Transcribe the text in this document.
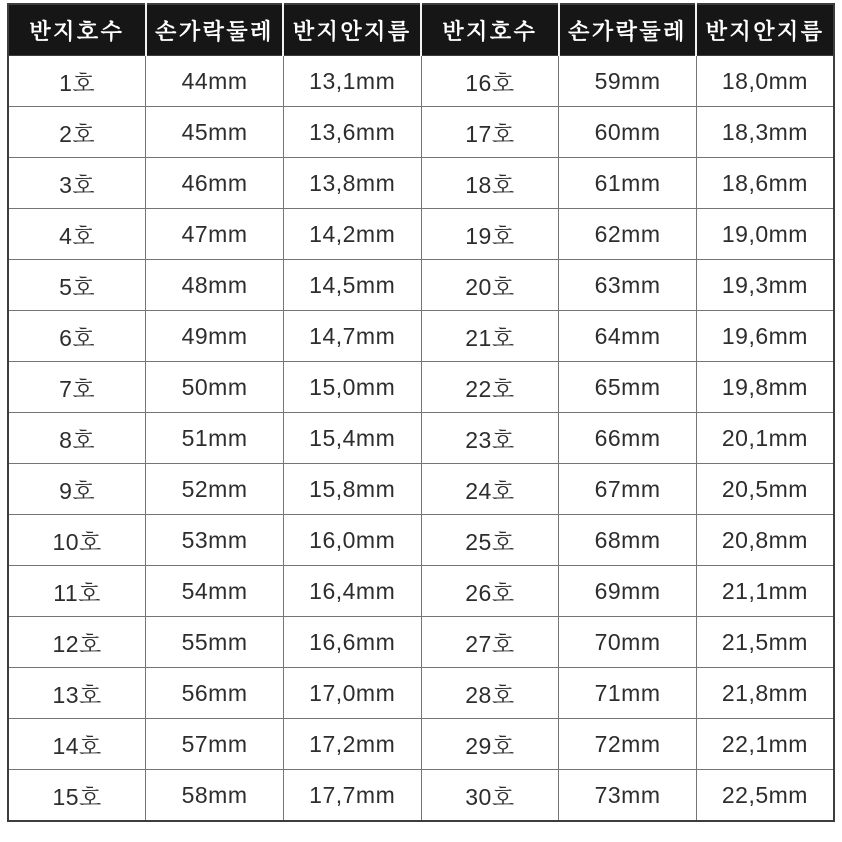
반지호수	손가락둘레	반지안지름	반지호수	손가락둘레	반지안지름
1호	44mm	13,1mm	16호	59mm	18,0mm
2호	45mm	13,6mm	17호	60mm	18,3mm
3호	46mm	13,8mm	18호	61mm	18,6mm
4호	47mm	14,2mm	19호	62mm	19,0mm
5호	48mm	14,5mm	20호	63mm	19,3mm
6호	49mm	14,7mm	21호	64mm	19,6mm
7호	50mm	15,0mm	22호	65mm	19,8mm
8호	51mm	15,4mm	23호	66mm	20,1mm
9호	52mm	15,8mm	24호	67mm	20,5mm
10호	53mm	16,0mm	25호	68mm	20,8mm
11호	54mm	16,4mm	26호	69mm	21,1mm
12호	55mm	16,6mm	27호	70mm	21,5mm
13호	56mm	17,0mm	28호	71mm	21,8mm
14호	57mm	17,2mm	29호	72mm	22,1mm
15호	58mm	17,7mm	30호	73mm	22,5mm
